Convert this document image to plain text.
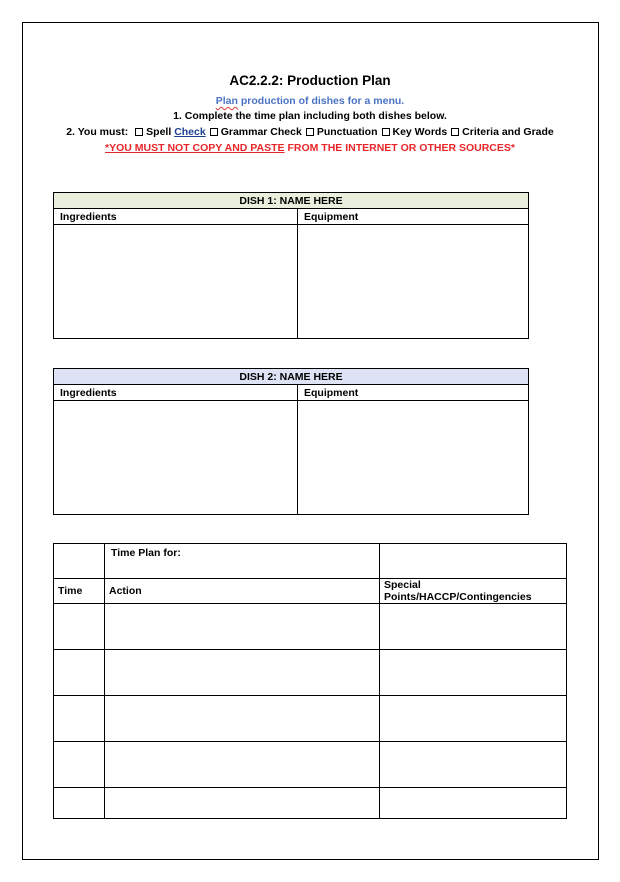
AC2.2.2: Production Plan
Plan production of dishes for a menu.
1. Complete the time plan including both dishes below.
2. You must: Spell Check Grammar Check Punctuation Key Words Criteria and Grade
*YOU MUST NOT COPY AND PASTE FROM THE INTERNET OR OTHER SOURCES*
DISH 1: NAME HERE	
Ingredients	Equipment

DISH 2: NAME HERE	
Ingredients	Equipment

	Time Plan for:	
Time	Action	Special Points/HACCP/Contingencies
